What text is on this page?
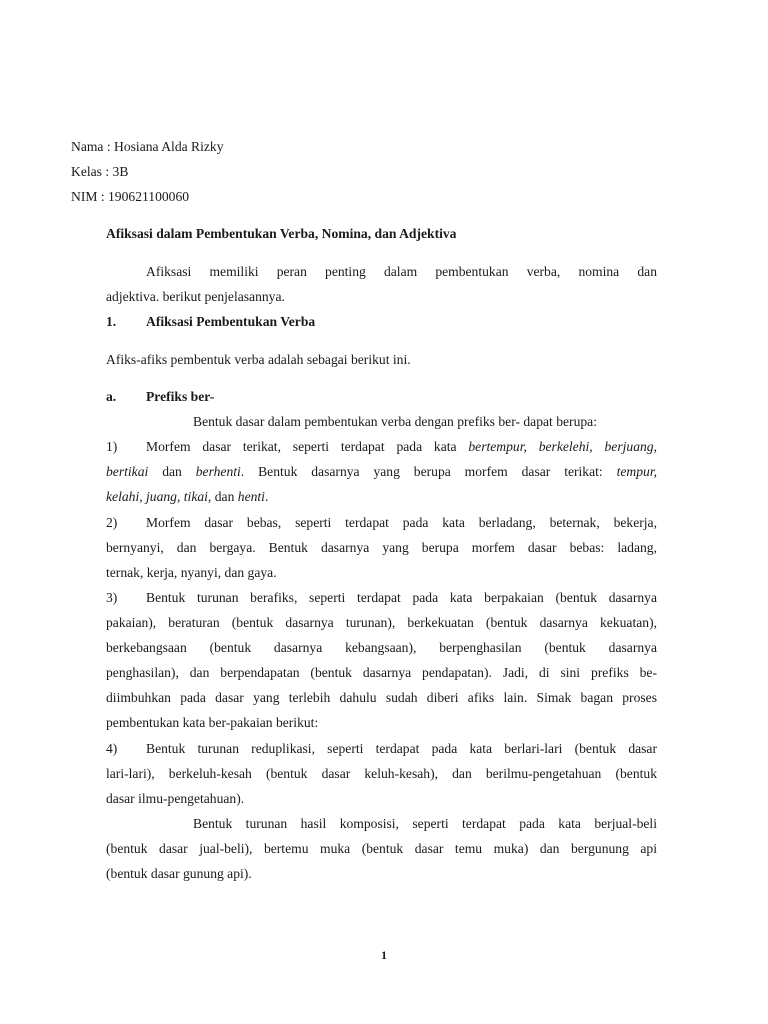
Nama : Hosiana Alda Rizky
Kelas : 3B
NIM : 190621100060
Afiksasi dalam Pembentukan Verba, Nomina, dan Adjektiva
Afiksasi memiliki peran penting dalam pembentukan verba, nomina dan
adjektiva. berikut penjelasannya.
1. Afiksasi Pembentukan Verba
Afiks-afiks pembentuk verba adalah sebagai berikut ini.
a. Prefiks ber-
Bentuk dasar dalam pembentukan verba dengan prefiks ber- dapat berupa:
1) Morfem dasar terikat, seperti terdapat pada kata bertempur, berkelehi, berjuang,
bertikai dan berhenti. Bentuk dasarnya yang berupa morfem dasar terikat: tempur,
kelahi, juang, tikai, dan henti.
2) Morfem dasar bebas, seperti terdapat pada kata berladang, beternak, bekerja,
bernyanyi, dan bergaya. Bentuk dasarnya yang berupa morfem dasar bebas: ladang,
ternak, kerja, nyanyi, dan gaya.
3) Bentuk turunan berafiks, seperti terdapat pada kata berpakaian (bentuk dasarnya
pakaian), beraturan (bentuk dasarnya turunan), berkekuatan (bentuk dasarnya kekuatan),
berkebangsaan (bentuk dasarnya kebangsaan), berpenghasilan (bentuk dasarnya
penghasilan), dan berpendapatan (bentuk dasarnya pendapatan). Jadi, di sini prefiks be-
diimbuhkan pada dasar yang terlebih dahulu sudah diberi afiks lain. Simak bagan proses
pembentukan kata ber-pakaian berikut:
4) Bentuk turunan reduplikasi, seperti terdapat pada kata berlari-lari (bentuk dasar
lari-lari), berkeluh-kesah (bentuk dasar keluh-kesah), dan berilmu-pengetahuan (bentuk
dasar ilmu-pengetahuan).
Bentuk turunan hasil komposisi, seperti terdapat pada kata berjual-beli
(bentuk dasar jual-beli), bertemu muka (bentuk dasar temu muka) dan bergunung api
(bentuk dasar gunung api).
1
